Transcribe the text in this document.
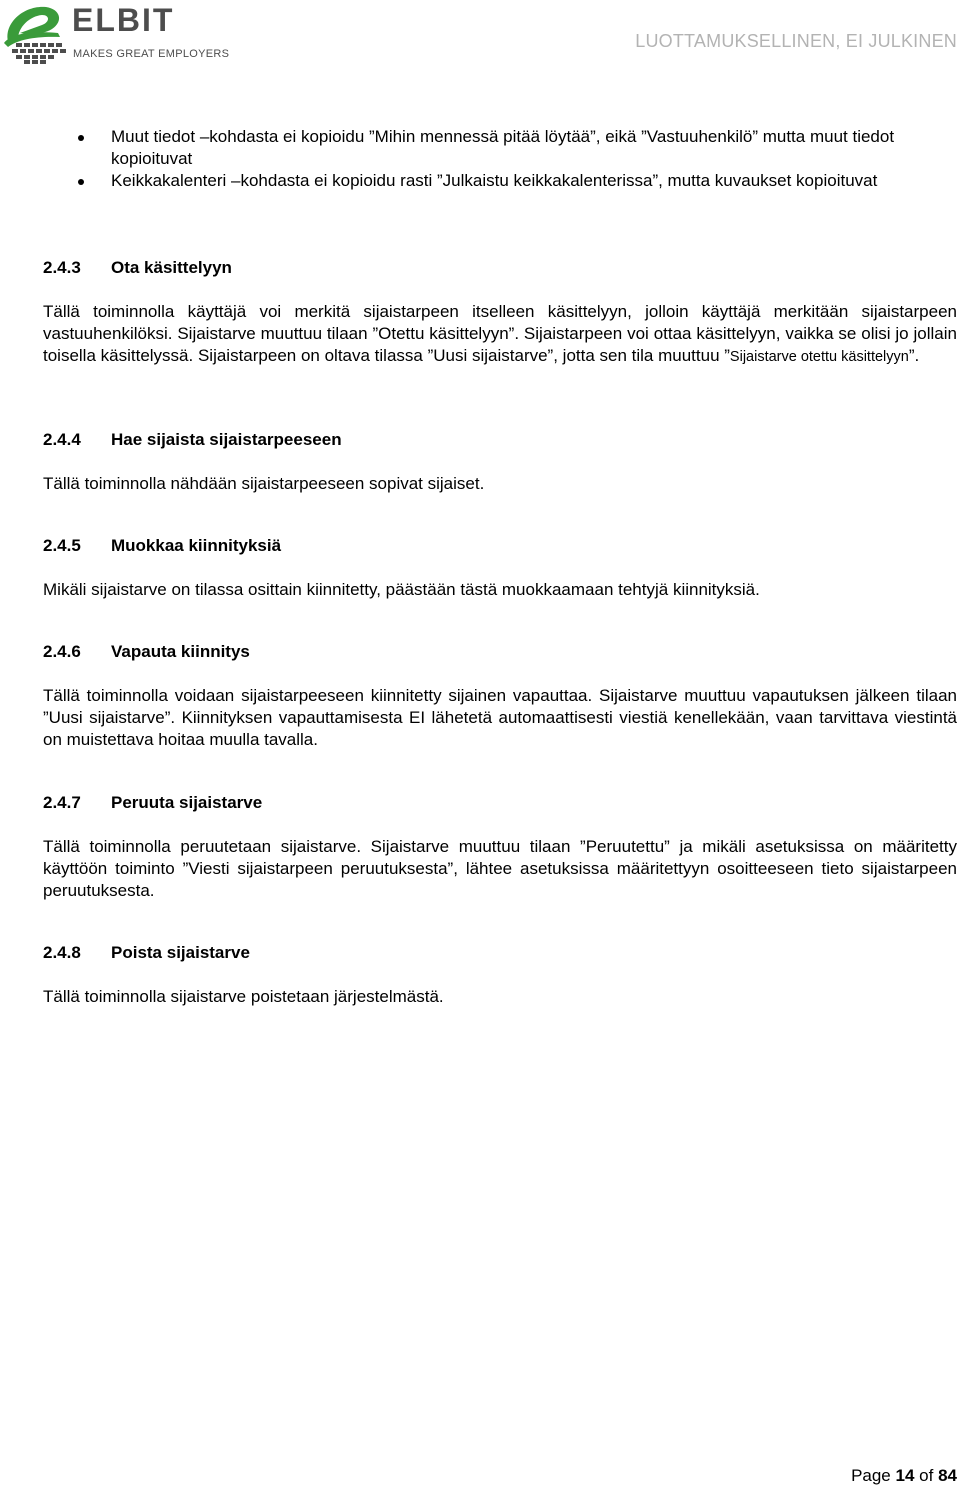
ELBIT
MAKES GREAT EMPLOYERS
LUOTTAMUKSELLINEN, EI JULKINEN
Muut tiedot –kohdasta ei kopioidu ”Mihin mennessä pitää löytää”, eikä ”Vastuuhenkilö” mutta muut tiedot kopioituvat
Keikkakalenteri –kohdasta ei kopioidu rasti ”Julkaistu keikkakalenterissa”, mutta kuvaukset kopioituvat
2.4.3 Ota käsittelyyn
Tällä toiminnolla käyttäjä voi merkitä sijaistarpeen itselleen käsittelyyn, jolloin käyttäjä merkitään sijaistarpeen vastuuhenkilöksi. Sijaistarve muuttuu tilaan ”Otettu käsittelyyn”. Sijaistarpeen voi ottaa käsittelyyn, vaikka se olisi jo jollain toisella käsittelyssä. Sijaistarpeen on oltava tilassa ”Uusi sijaistarve”, jotta sen tila muuttuu ”Sijaistarve otettu käsittelyyn”.
2.4.4 Hae sijaista sijaistarpeeseen
Tällä toiminnolla nähdään sijaistarpeeseen sopivat sijaiset.
2.4.5 Muokkaa kiinnityksiä
Mikäli sijaistarve on tilassa osittain kiinnitetty, päästään tästä muokkaamaan tehtyjä kiinnityksiä.
2.4.6 Vapauta kiinnitys
Tällä toiminnolla voidaan sijaistarpeeseen kiinnitetty sijainen vapauttaa. Sijaistarve muuttuu vapautuksen jälkeen tilaan ”Uusi sijaistarve”. Kiinnityksen vapauttamisesta EI lähetetä automaattisesti viestiä kenellekään, vaan tarvittava viestintä on muistettava hoitaa muulla tavalla.
2.4.7 Peruuta sijaistarve
Tällä toiminnolla peruutetaan sijaistarve. Sijaistarve muuttuu tilaan ”Peruutettu” ja mikäli asetuksissa on määritetty käyttöön toiminto ”Viesti sijaistarpeen peruutuksesta”, lähtee asetuksissa määritettyyn osoitteeseen tieto sijaistarpeen peruutuksesta.
2.4.8 Poista sijaistarve
Tällä toiminnolla sijaistarve poistetaan järjestelmästä.
Page 14 of 84
